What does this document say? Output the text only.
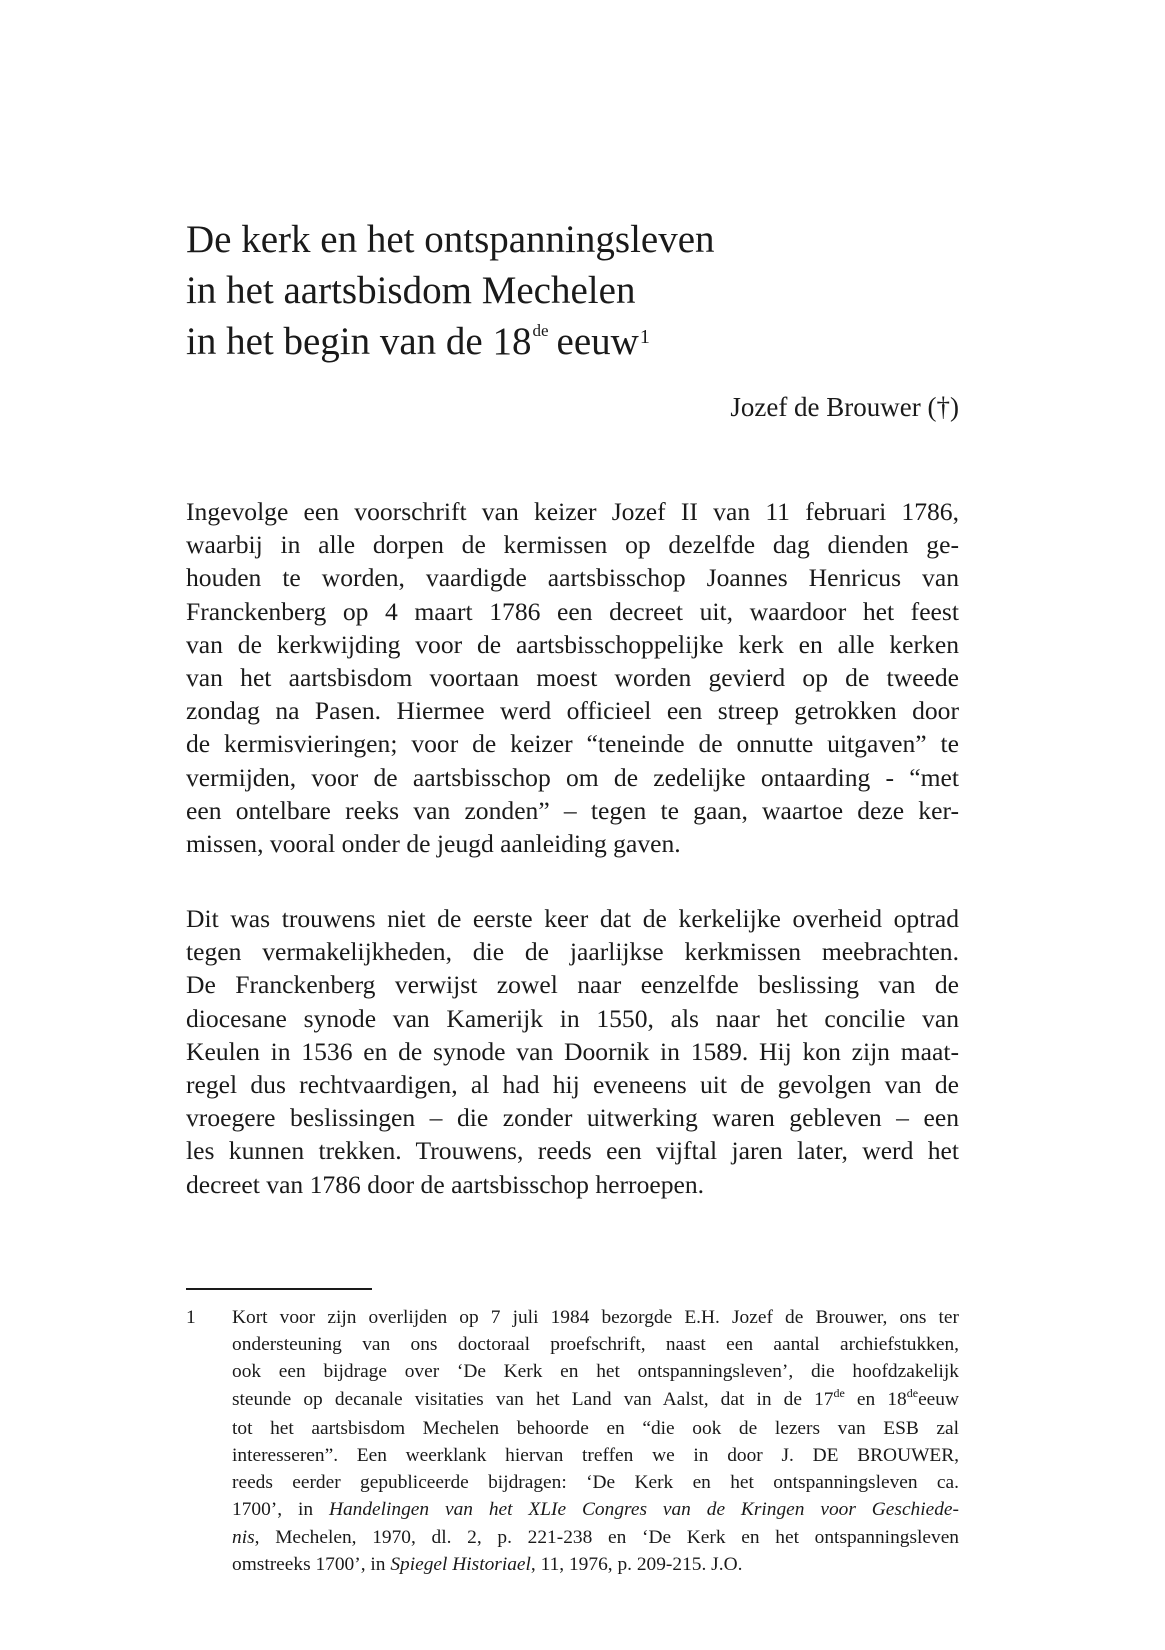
De kerk en het ontspanningsleven
in het aartsbisdom Mechelen
in het begin van de 18de eeuw$^1$
Jozef de Brouwer (†)
Ingevolge een voorschrift van keizer Jozef II van 11 februari 1786,
waarbij in alle dorpen de kermissen op dezelfde dag dienden ge-
houden te worden, vaardigde aartsbisschop Joannes Henricus van
Franckenberg op 4 maart 1786 een decreet uit, waardoor het feest
van de kerkwijding voor de aartsbisschoppelijke kerk en alle kerken
van het aartsbisdom voortaan moest worden gevierd op de tweede
zondag na Pasen. Hiermee werd officieel een streep getrokken door
de kermisvieringen; voor de keizer “teneinde de onnutte uitgaven” te
vermijden, voor de aartsbisschop om de zedelijke ontaarding - “met
een ontelbare reeks van zonden” – tegen te gaan, waartoe deze ker-
missen, vooral onder de jeugd aanleiding gaven.
Dit was trouwens niet de eerste keer dat de kerkelijke overheid optrad
tegen vermakelijkheden, die de jaarlijkse kerkmissen meebrachten.
De Franckenberg verwijst zowel naar eenzelfde beslissing van de
diocesane synode van Kamerijk in 1550, als naar het concilie van
Keulen in 1536 en de synode van Doornik in 1589. Hij kon zijn maat-
regel dus rechtvaardigen, al had hij eveneens uit de gevolgen van de
vroegere beslissingen – die zonder uitwerking waren gebleven – een
les kunnen trekken. Trouwens, reeds een vijftal jaren later, werd het
decreet van 1786 door de aartsbisschop herroepen.
1 Kort voor zijn overlijden op 7 juli 1984 bezorgde E.H. Jozef de Brouwer, ons ter
ondersteuning van ons doctoraal proefschrift, naast een aantal archiefstukken,
ook een bijdrage over ‘De Kerk en het ontspanningsleven’, die hoofdzakelijk
steunde op decanale visitaties van het Land van Aalst, dat in de 17de en 18deeeuw
tot het aartsbisdom Mechelen behoorde en “die ook de lezers van ESB zal
interesseren”. Een weerklank hiervan treffen we in door J. DE BROUWER,
reeds eerder gepubliceerde bijdragen: ‘De Kerk en het ontspanningsleven ca.
1700’, in Handelingen van het XLIe Congres van de Kringen voor Geschiede-
nis, Mechelen, 1970, dl. 2, p. 221-238 en ‘De Kerk en het ontspanningsleven
omstreeks 1700’, in Spiegel Historiael, 11, 1976, p. 209-215. J.O.
